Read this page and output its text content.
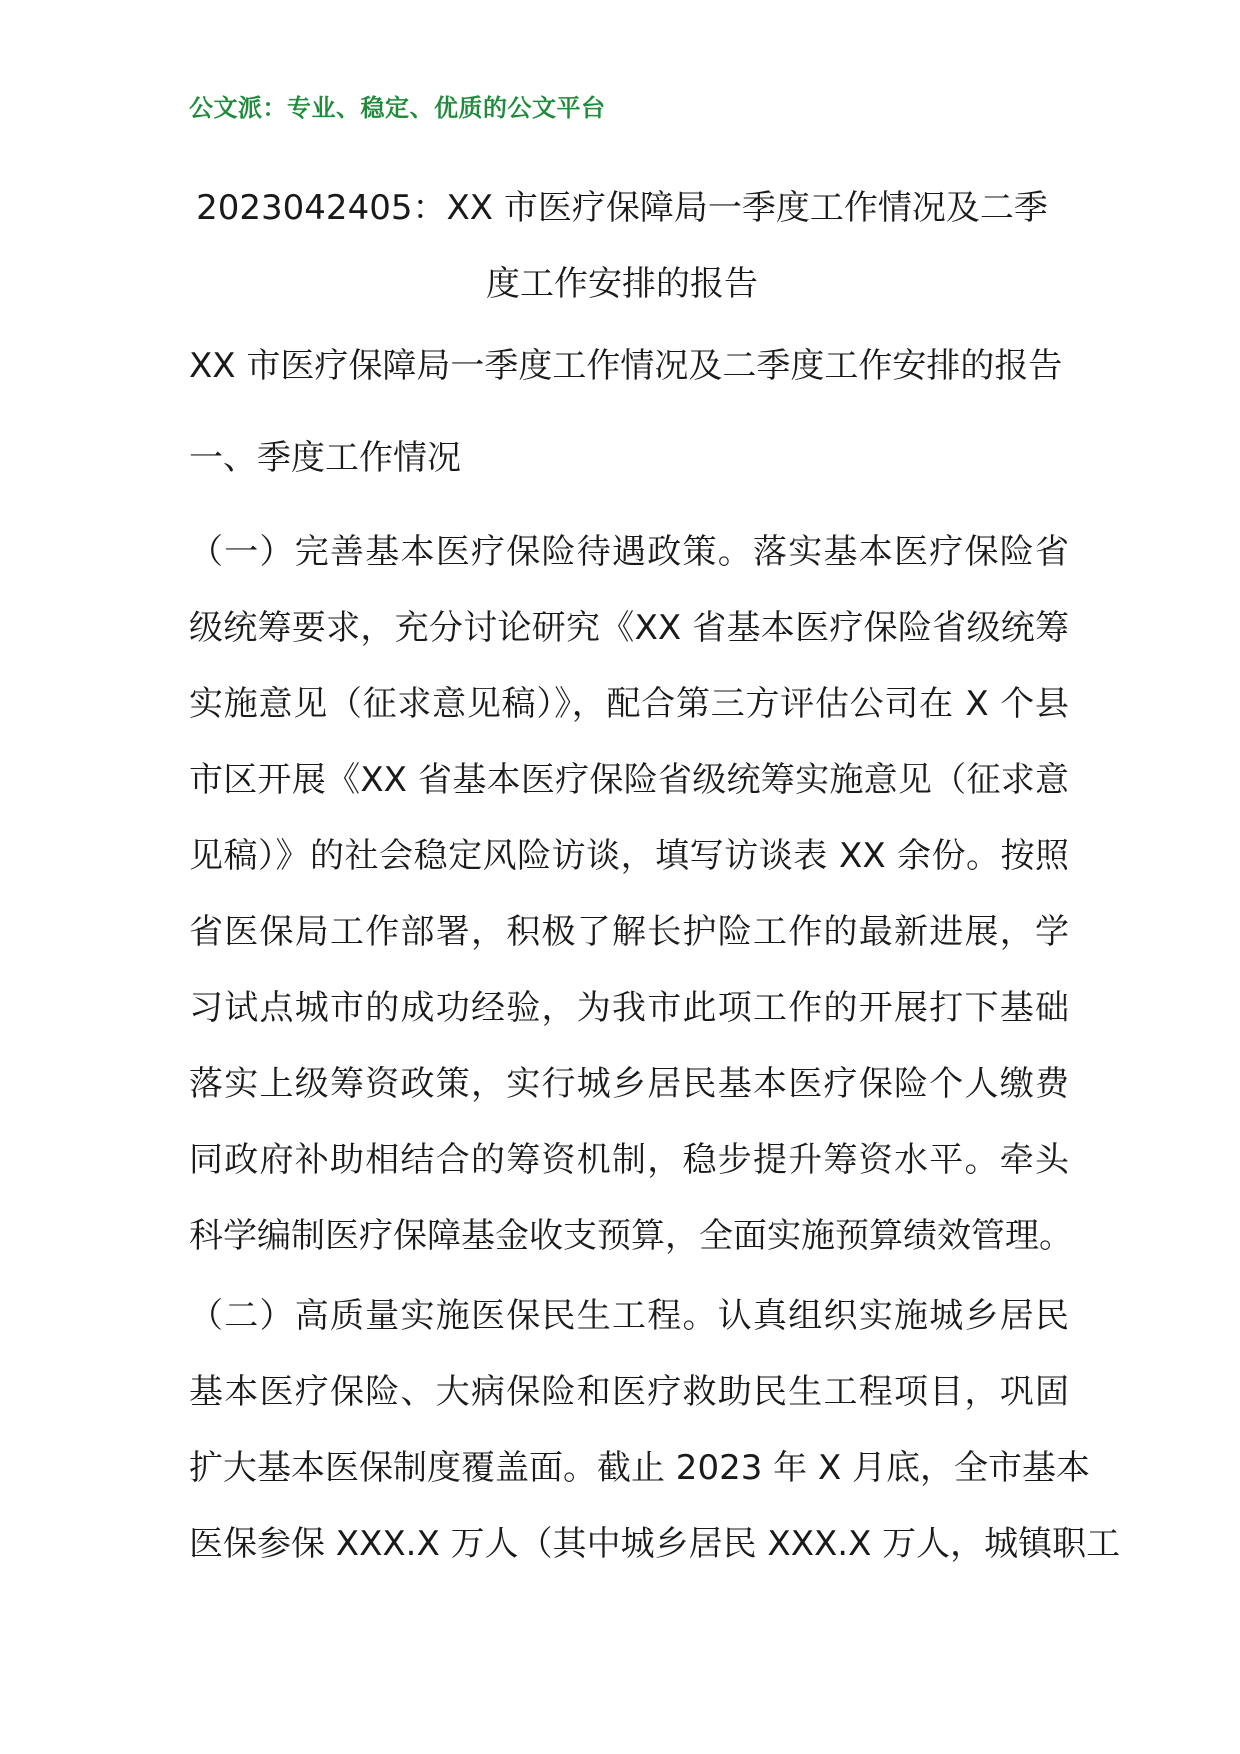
公文派：专业、稳定、优质的公文平台
2023042405：XX 市医疗保障局一季度工作情况及二季
度工作安排的报告
XX 市医疗保障局一季度工作情况及二季度工作安排的报告
一、季度工作情况
（一）完善基本医疗保险待遇政策。落实基本医疗保险省
级统筹要求，充分讨论研究《XX 省基本医疗保险省级统筹
实施意见（征求意见稿）》，配合第三方评估公司在 X 个县
市区开展《XX 省基本医疗保险省级统筹实施意见（征求意
见稿）》的社会稳定风险访谈，填写访谈表 XX 余份。按照
省医保局工作部署，积极了解长护险工作的最新进展，学
习试点城市的成功经验，为我市此项工作的开展打下基础
落实上级筹资政策，实行城乡居民基本医疗保险个人缴费
同政府补助相结合的筹资机制，稳步提升筹资水平。牵头
科学编制医疗保障基金收支预算，全面实施预算绩效管理。
（二）高质量实施医保民生工程。认真组织实施城乡居民
基本医疗保险、大病保险和医疗救助民生工程项目，巩固
扩大基本医保制度覆盖面。截止 2023 年 X 月底，全市基本
医保参保 XXX.X 万人（其中城乡居民 XXX.X 万人，城镇职工
